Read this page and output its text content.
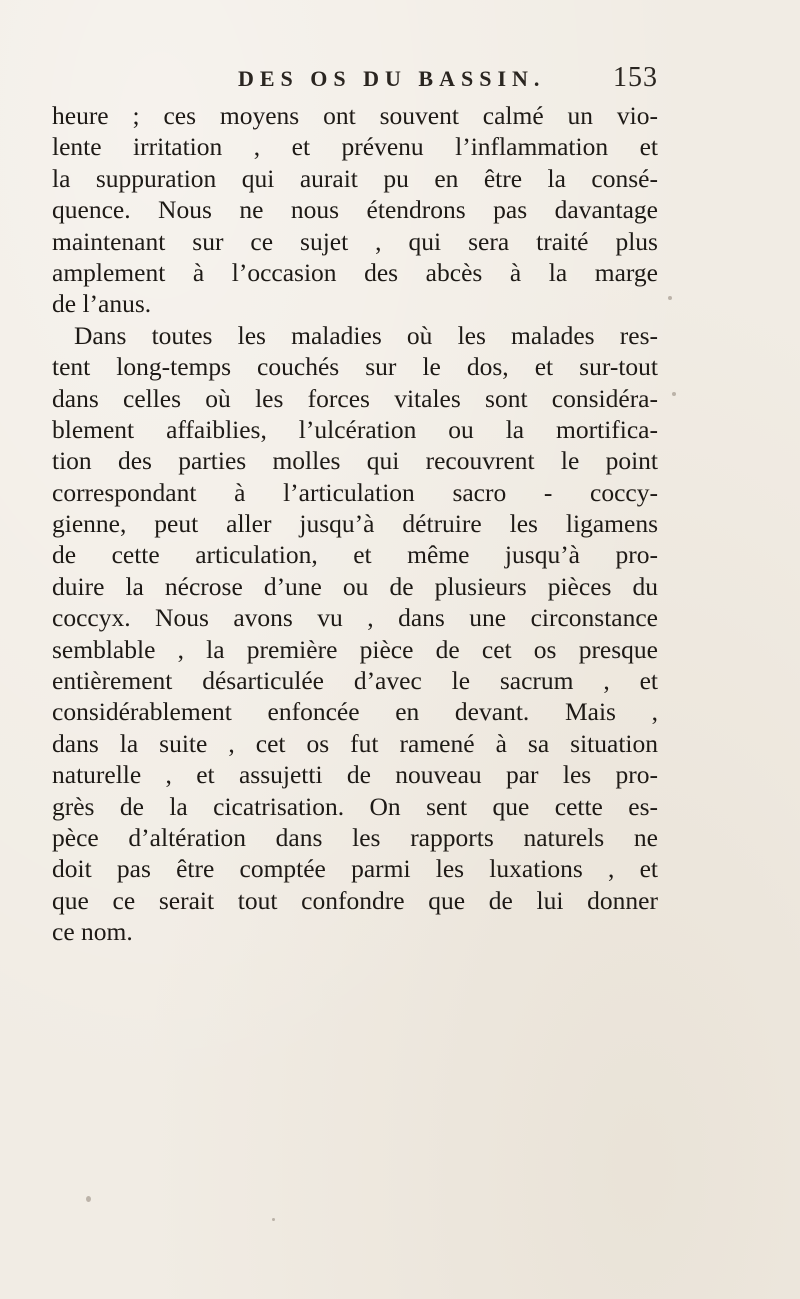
DES OS DU BASSIN. 153
heure ; ces moyens ont souvent calmé un vio-
lente irritation , et prévenu l’inflammation et
la suppuration qui aurait pu en être la consé-
quence. Nous ne nous étendrons pas davantage
maintenant sur ce sujet , qui sera traité plus
amplement à l’occasion des abcès à la marge
de l’anus.
Dans toutes les maladies où les malades res-
tent long-temps couchés sur le dos, et sur-tout
dans celles où les forces vitales sont considéra-
blement affaiblies, l’ulcération ou la mortifica-
tion des parties molles qui recouvrent le point
correspondant à l’articulation sacro - coccy-
gienne, peut aller jusqu’à détruire les ligamens
de cette articulation, et même jusqu’à pro-
duire la nécrose d’une ou de plusieurs pièces du
coccyx. Nous avons vu , dans une circonstance
semblable , la première pièce de cet os presque
entièrement désarticulée d’avec le sacrum , et
considérablement enfoncée en devant. Mais ,
dans la suite , cet os fut ramené à sa situation
naturelle , et assujetti de nouveau par les pro-
grès de la cicatrisation. On sent que cette es-
pèce d’altération dans les rapports naturels ne
doit pas être comptée parmi les luxations , et
que ce serait tout confondre que de lui donner
ce nom.
